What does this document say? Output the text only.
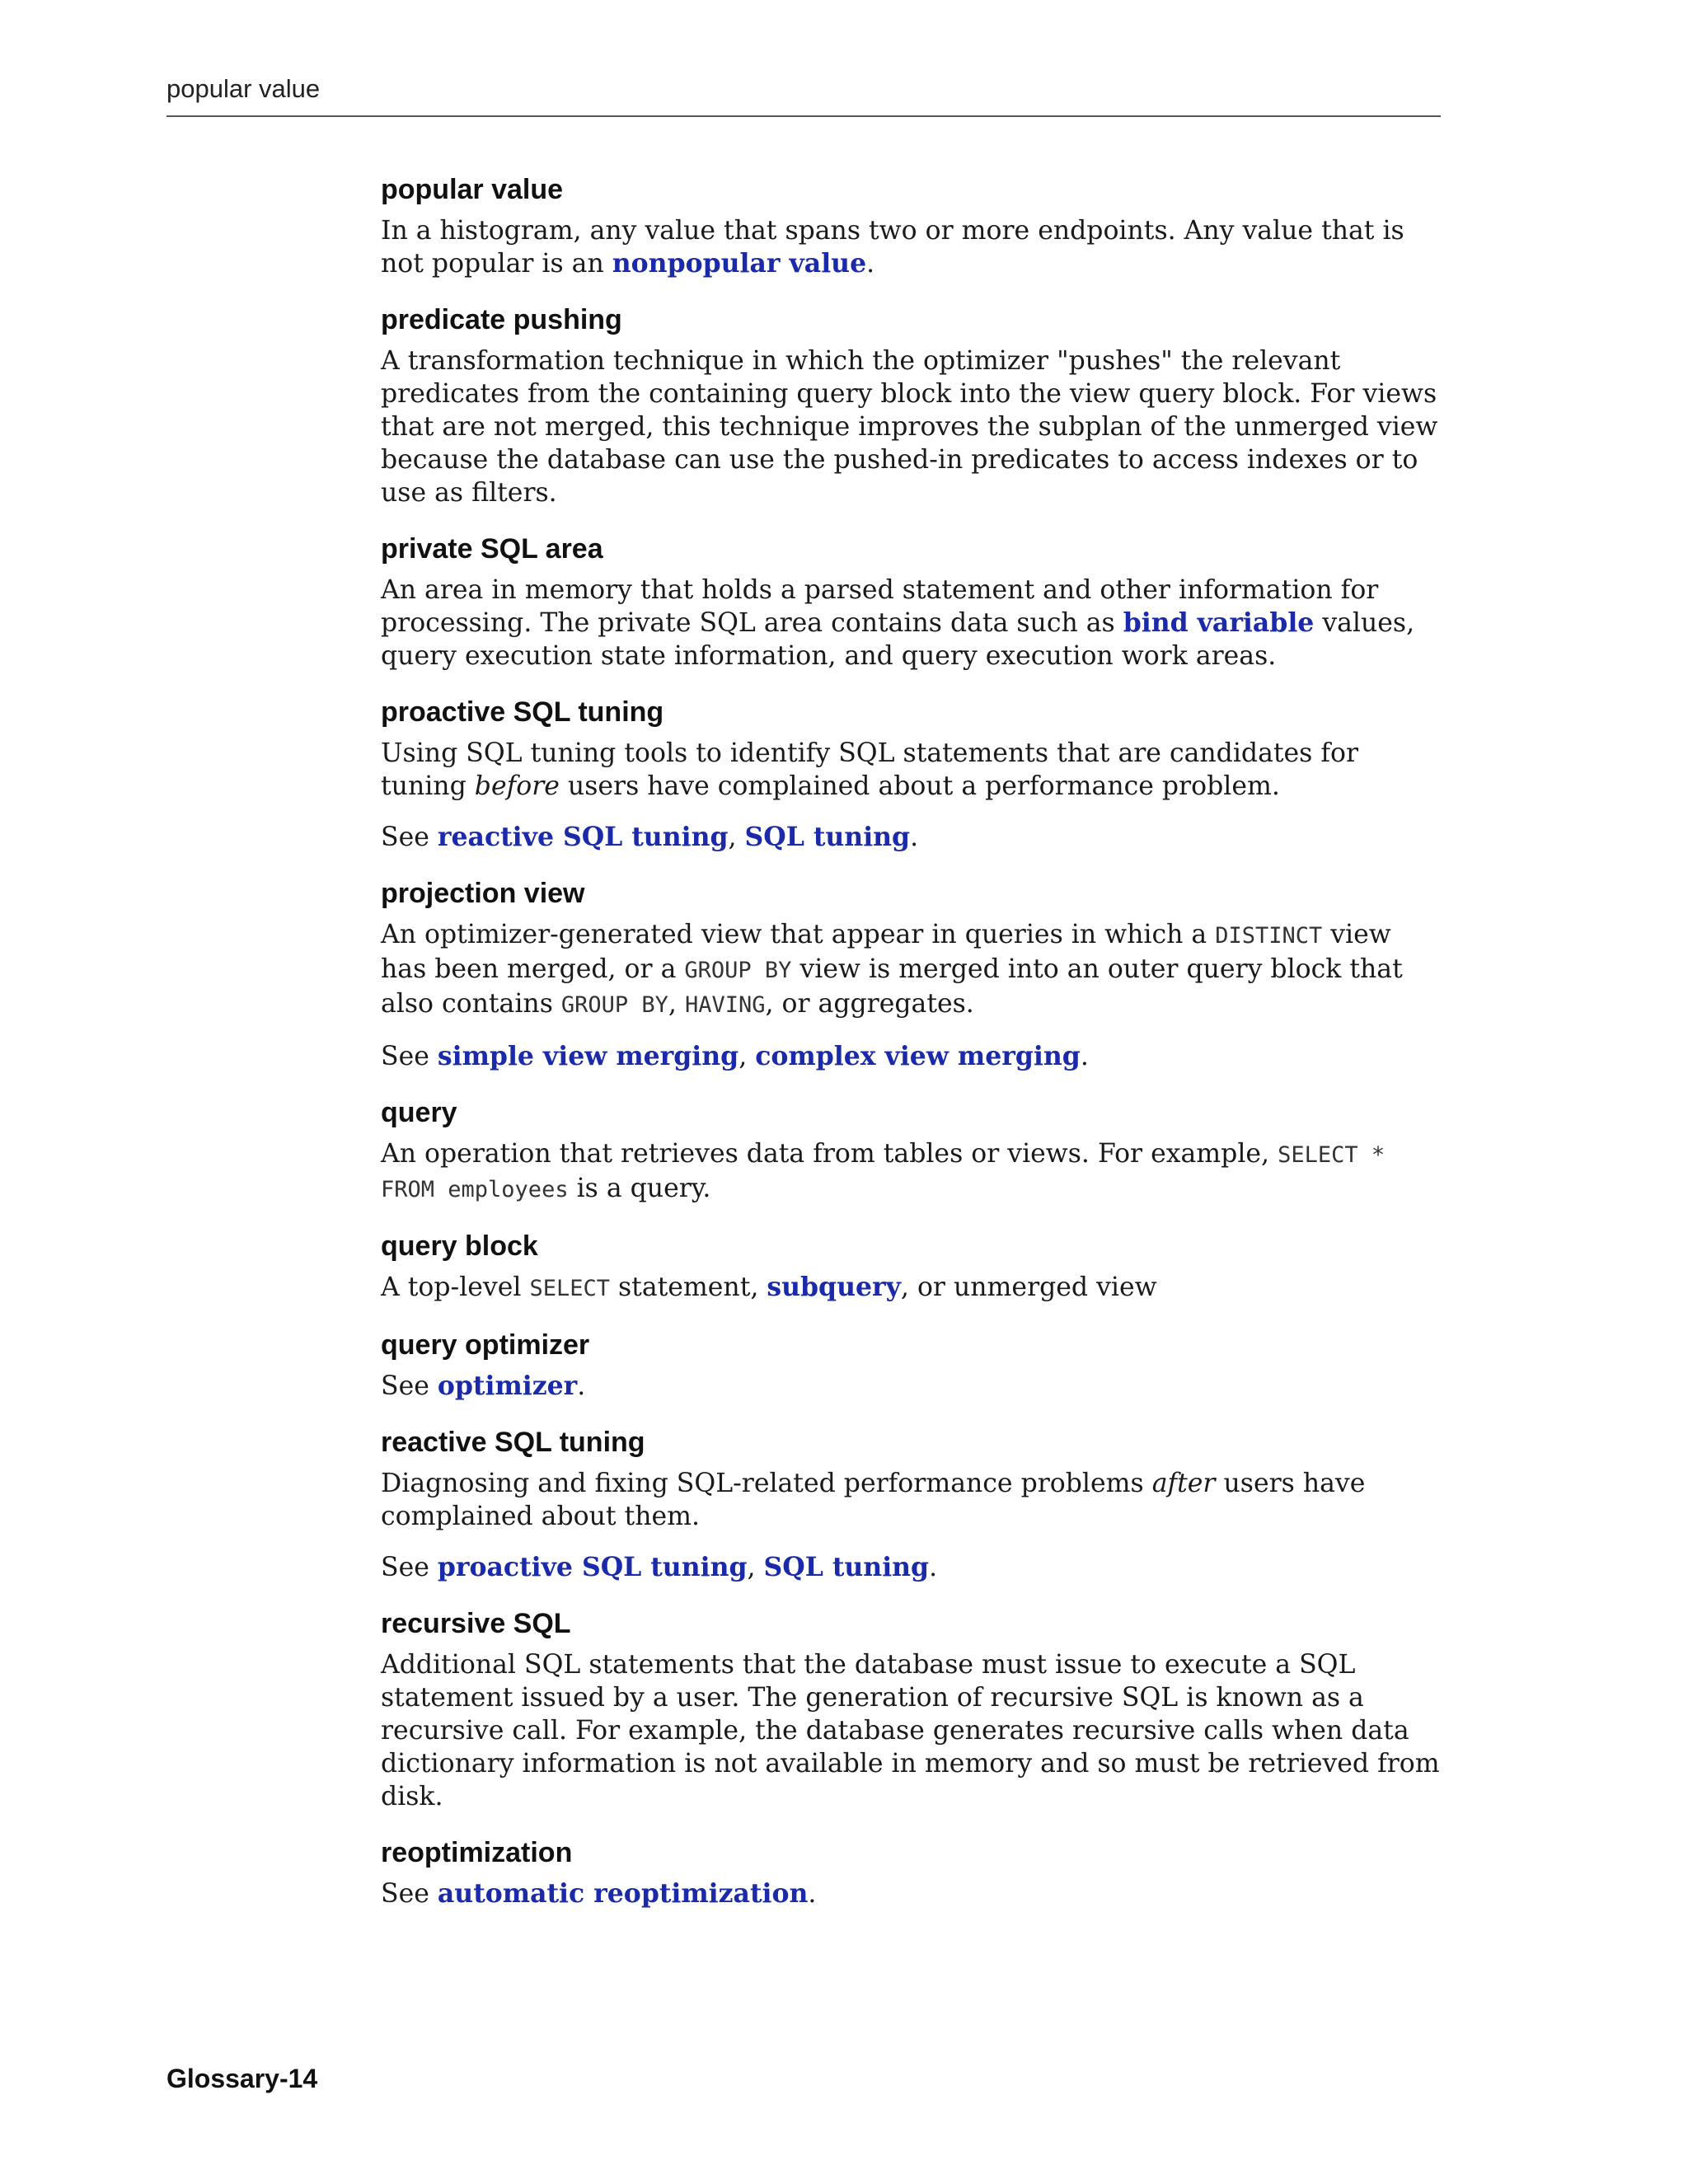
popular value
popular value

In a histogram, any value that spans two or more endpoints. Any value that is not popular is an nonpopular value.

predicate pushing

A transformation technique in which the optimizer "pushes" the relevant predicates from the containing query block into the view query block. For views that are not merged, this technique improves the subplan of the unmerged view because the database can use the pushed-in predicates to access indexes or to use as filters.

private SQL area

An area in memory that holds a parsed statement and other information for processing. The private SQL area contains data such as bind variable values, query execution state information, and query execution work areas.

proactive SQL tuning

Using SQL tuning tools to identify SQL statements that are candidates for tuning before users have complained about a performance problem.

See reactive SQL tuning, SQL tuning.

projection view

An optimizer-generated view that appear in queries in which a DISTINCT view has been merged, or a GROUP BY view is merged into an outer query block that also contains GROUP BY, HAVING, or aggregates.

See simple view merging, complex view merging.

query

An operation that retrieves data from tables or views. For example, SELECT * FROM employees is a query.

query block

A top-level SELECT statement, subquery, or unmerged view

query optimizer

See optimizer.

reactive SQL tuning

Diagnosing and fixing SQL-related performance problems after users have complained about them.

See proactive SQL tuning, SQL tuning.

recursive SQL

Additional SQL statements that the database must issue to execute a SQL statement issued by a user. The generation of recursive SQL is known as a recursive call. For example, the database generates recursive calls when data dictionary information is not available in memory and so must be retrieved from disk.

reoptimization

See automatic reoptimization.

Glossary-14
